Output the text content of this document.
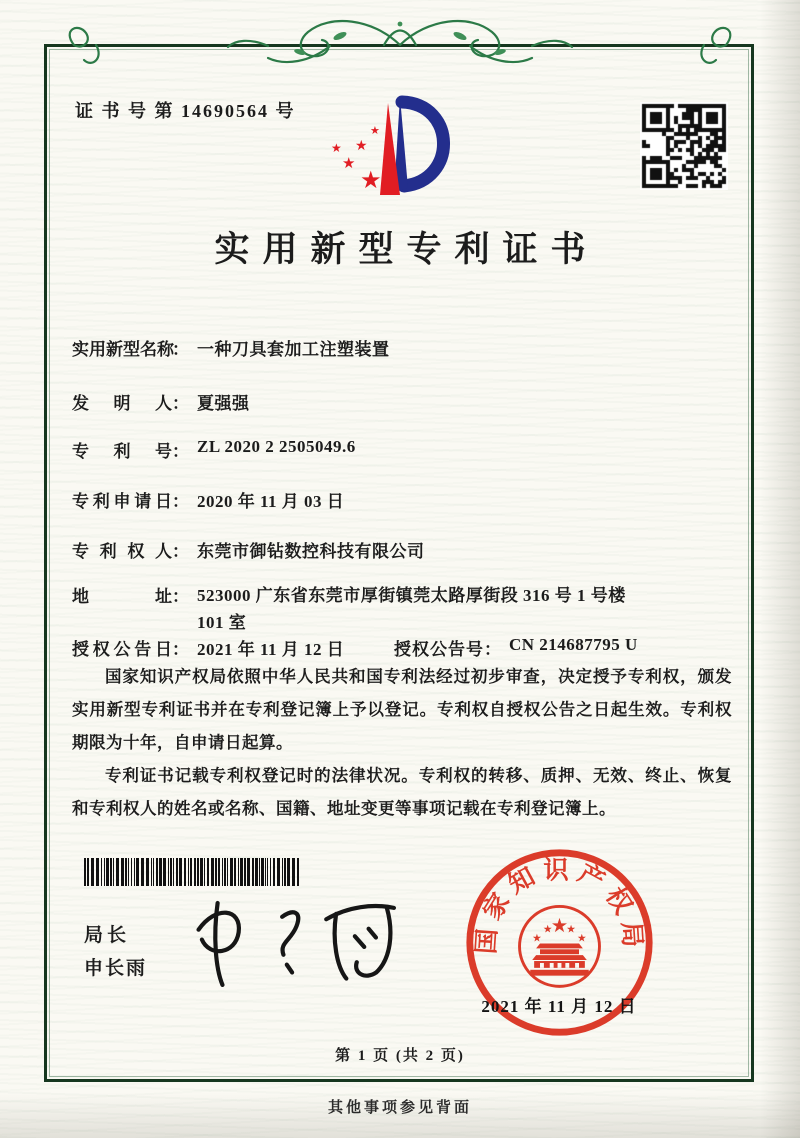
证 书 号 第 14690564 号
★
★
★
★
★
实用新型专利证书
实用新型名称： 一种刀具套加工注塑装置
发明人： 夏强强
专利号： ZL 2020 2 2505049.6
专利申请日： 2020 年 11 月 03 日
专利权人： 东莞市御钻数控科技有限公司
地址： 523000 广东省东莞市厚街镇莞太路厚街段 316 号 1 号楼 101 室
授权公告日： 2021 年 11 月 12 日	授权公告号： CN 214687795 U

国家知识产权局依照中华人民共和国专利法经过初步审查，决定授予专利权，颁发实用新型专利证书并在专利登记簿上予以登记。专利权自授权公告之日起生效。专利权期限为十年，自申请日起算。

专利证书记载专利权登记时的法律状况。专利权的转移、质押、无效、终止、恢复和专利权人的姓名或名称、国籍、地址变更等事项记载在专利登记簿上。

局长
申长雨
国家知识产权局
★
★
★ ★
★
2021 年 11 月 12 日
第 1 页 (共 2 页)
其他事项参见背面
